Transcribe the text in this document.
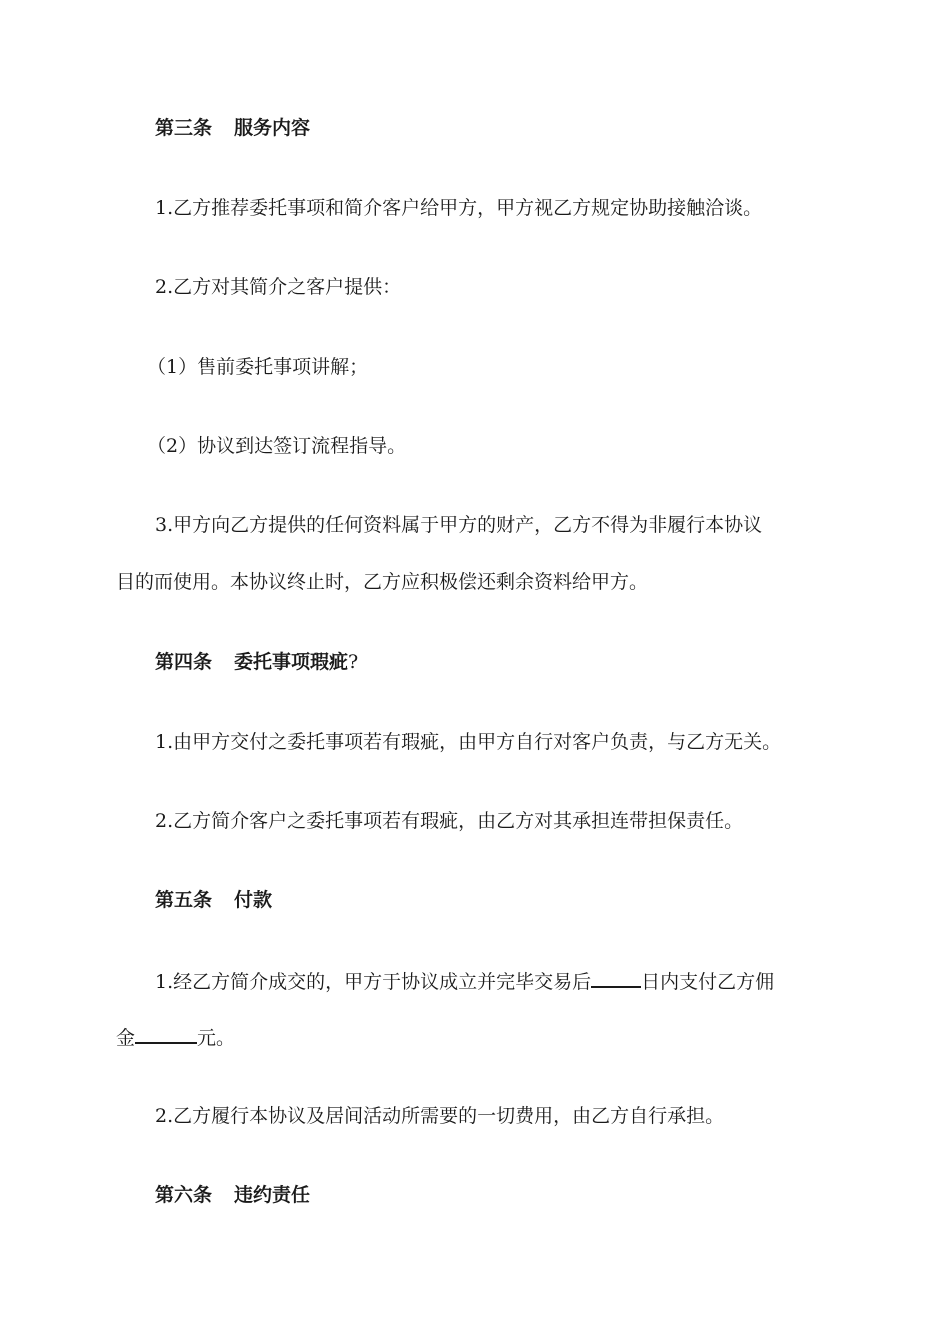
第三条 服务内容
1.乙方推荐委托事项和简介客户给甲方，甲方视乙方规定协助接触洽谈。
2.乙方对其简介之客户提供：
（1）售前委托事项讲解；
（2）协议到达签订流程指导。
3.甲方向乙方提供的任何资料属于甲方的财产，乙方不得为非履行本协议
目的而使用。本协议终止时，乙方应积极偿还剩余资料给甲方。
第四条 委托事项瑕疵?
1.由甲方交付之委托事项若有瑕疵，由甲方自行对客户负责，与乙方无关。
2.乙方简介客户之委托事项若有瑕疵，由乙方对其承担连带担保责任。
第五条 付款
1.经乙方简介成交的，甲方于协议成立并完毕交易后	日内支付乙方佣
金	元。
2.乙方履行本协议及居间活动所需要的一切费用，由乙方自行承担。
第六条 违约责任
